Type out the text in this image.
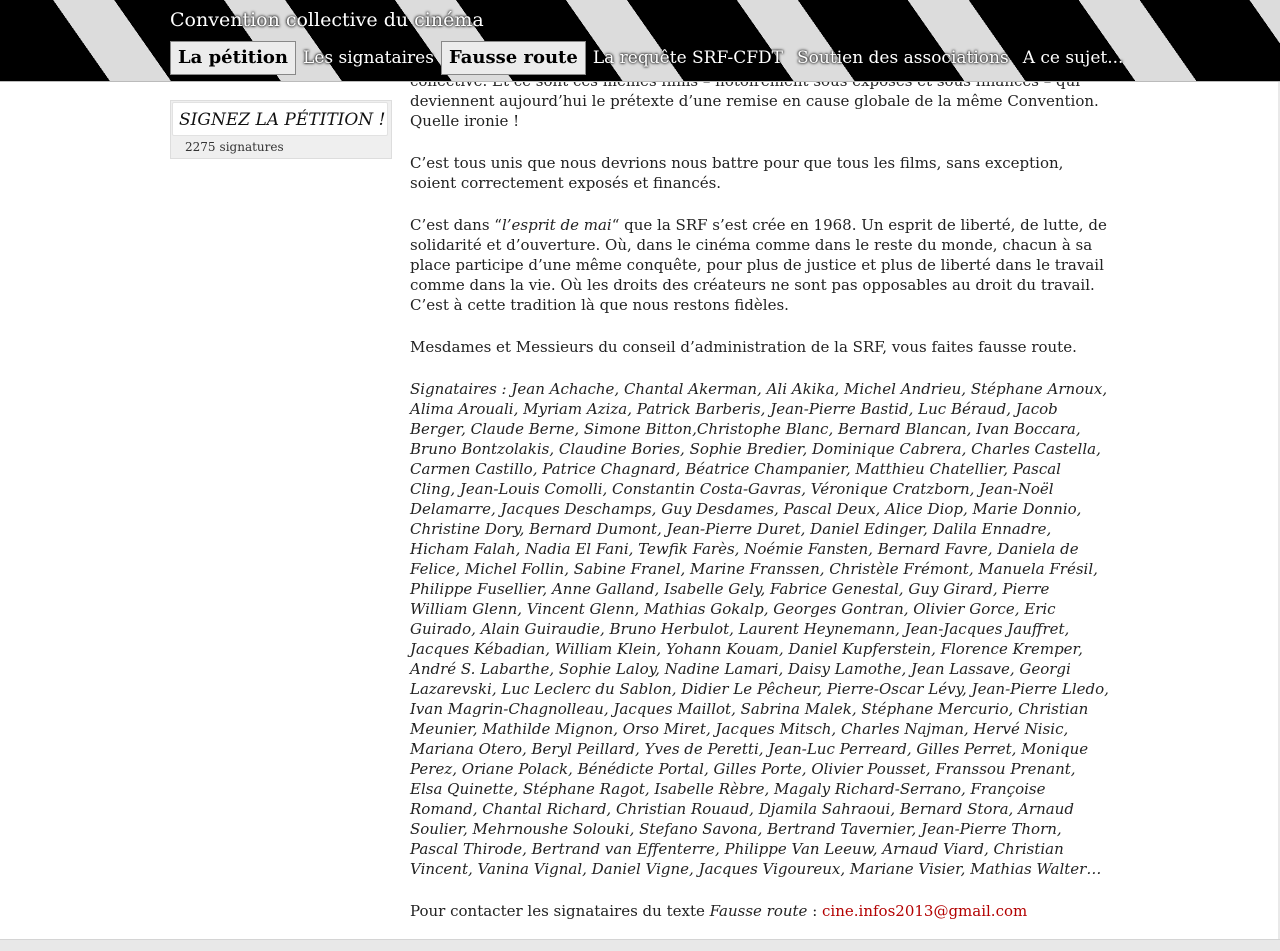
Convention collective du cinéma
La pétition Les signataires Fausse route La requête SRF-CFDT Soutien des associations A ce sujet...
SIGNEZ LA PÉTITION !
2275 signatures

deviennent aujourd’hui le prétexte d’une remise en cause globale de la même Convention. Quelle ironie !

C’est tous unis que nous devrions nous battre pour que tous les films, sans exception, soient correctement exposés et financés.

C’est dans “l’esprit de mai“ que la SRF s’est crée en 1968. Un esprit de liberté, de lutte, de solidarité et d’ouverture. Où, dans le cinéma comme dans le reste du monde, chacun à sa place participe d’une même conquête, pour plus de justice et plus de liberté dans le travail comme dans la vie. Où les droits des créateurs ne sont pas opposables au droit du travail. C’est à cette tradition là que nous restons fidèles.

Mesdames et Messieurs du conseil d’administration de la SRF, vous faites fausse route.

Signataires : Jean Achache, Chantal Akerman, Ali Akika, Michel Andrieu, Stéphane Arnoux, Alima Arouali, Myriam Aziza, Patrick Barberis, Jean-Pierre Bastid, Luc Béraud, Jacob Berger, Claude Berne, Simone Bitton,Christophe Blanc, Bernard Blancan, Ivan Boccara, Bruno Bontzolakis, Claudine Bories, Sophie Bredier, Dominique Cabrera, Charles Castella, Carmen Castillo, Patrice Chagnard, Béatrice Champanier, Matthieu Chatellier, Pascal Cling, Jean-Louis Comolli, Constantin Costa-Gavras, Véronique Cratzborn, Jean-Noël Delamarre, Jacques Deschamps, Guy Desdames, Pascal Deux, Alice Diop, Marie Donnio, Christine Dory, Bernard Dumont, Jean-Pierre Duret, Daniel Edinger, Dalila Ennadre, Hicham Falah, Nadia El Fani, Tewfik Farès, Noémie Fansten, Bernard Favre, Daniela de Felice, Michel Follin, Sabine Franel, Marine Franssen, Christèle Frémont, Manuela Frésil, Philippe Fusellier, Anne Galland, Isabelle Gely, Fabrice Genestal, Guy Girard, Pierre William Glenn, Vincent Glenn, Mathias Gokalp, Georges Gontran, Olivier Gorce, Eric Guirado, Alain Guiraudie, Bruno Herbulot, Laurent Heynemann, Jean-Jacques Jauffret, Jacques Kébadian, William Klein, Yohann Kouam, Daniel Kupferstein, Florence Kremper, André S. Labarthe, Sophie Laloy, Nadine Lamari, Daisy Lamothe, Jean Lassave, Georgi Lazarevski, Luc Leclerc du Sablon, Didier Le Pêcheur, Pierre-Oscar Lévy, Jean-Pierre Lledo, Ivan Magrin-Chagnolleau, Jacques Maillot, Sabrina Malek, Stéphane Mercurio, Christian Meunier, Mathilde Mignon, Orso Miret, Jacques Mitsch, Charles Najman, Hervé Nisic, Mariana Otero, Beryl Peillard, Yves de Peretti, Jean-Luc Perreard, Gilles Perret, Monique Perez, Oriane Polack, Bénédicte Portal, Gilles Porte, Olivier Pousset, Franssou Prenant, Elsa Quinette, Stéphane Ragot, Isabelle Rèbre, Magaly Richard-Serrano, Françoise Romand, Chantal Richard, Christian Rouaud, Djamila Sahraoui, Bernard Stora, Arnaud Soulier, Mehrnoushe Solouki, Stefano Savona, Bertrand Tavernier, Jean-Pierre Thorn, Pascal Thirode, Bertrand van Effenterre, Philippe Van Leeuw, Arnaud Viard, Christian Vincent, Vanina Vignal, Daniel Vigne, Jacques Vigoureux, Mariane Visier, Mathias Walter…

Pour contacter les signataires du texte Fausse route : cine.infos2013@gmail.com
